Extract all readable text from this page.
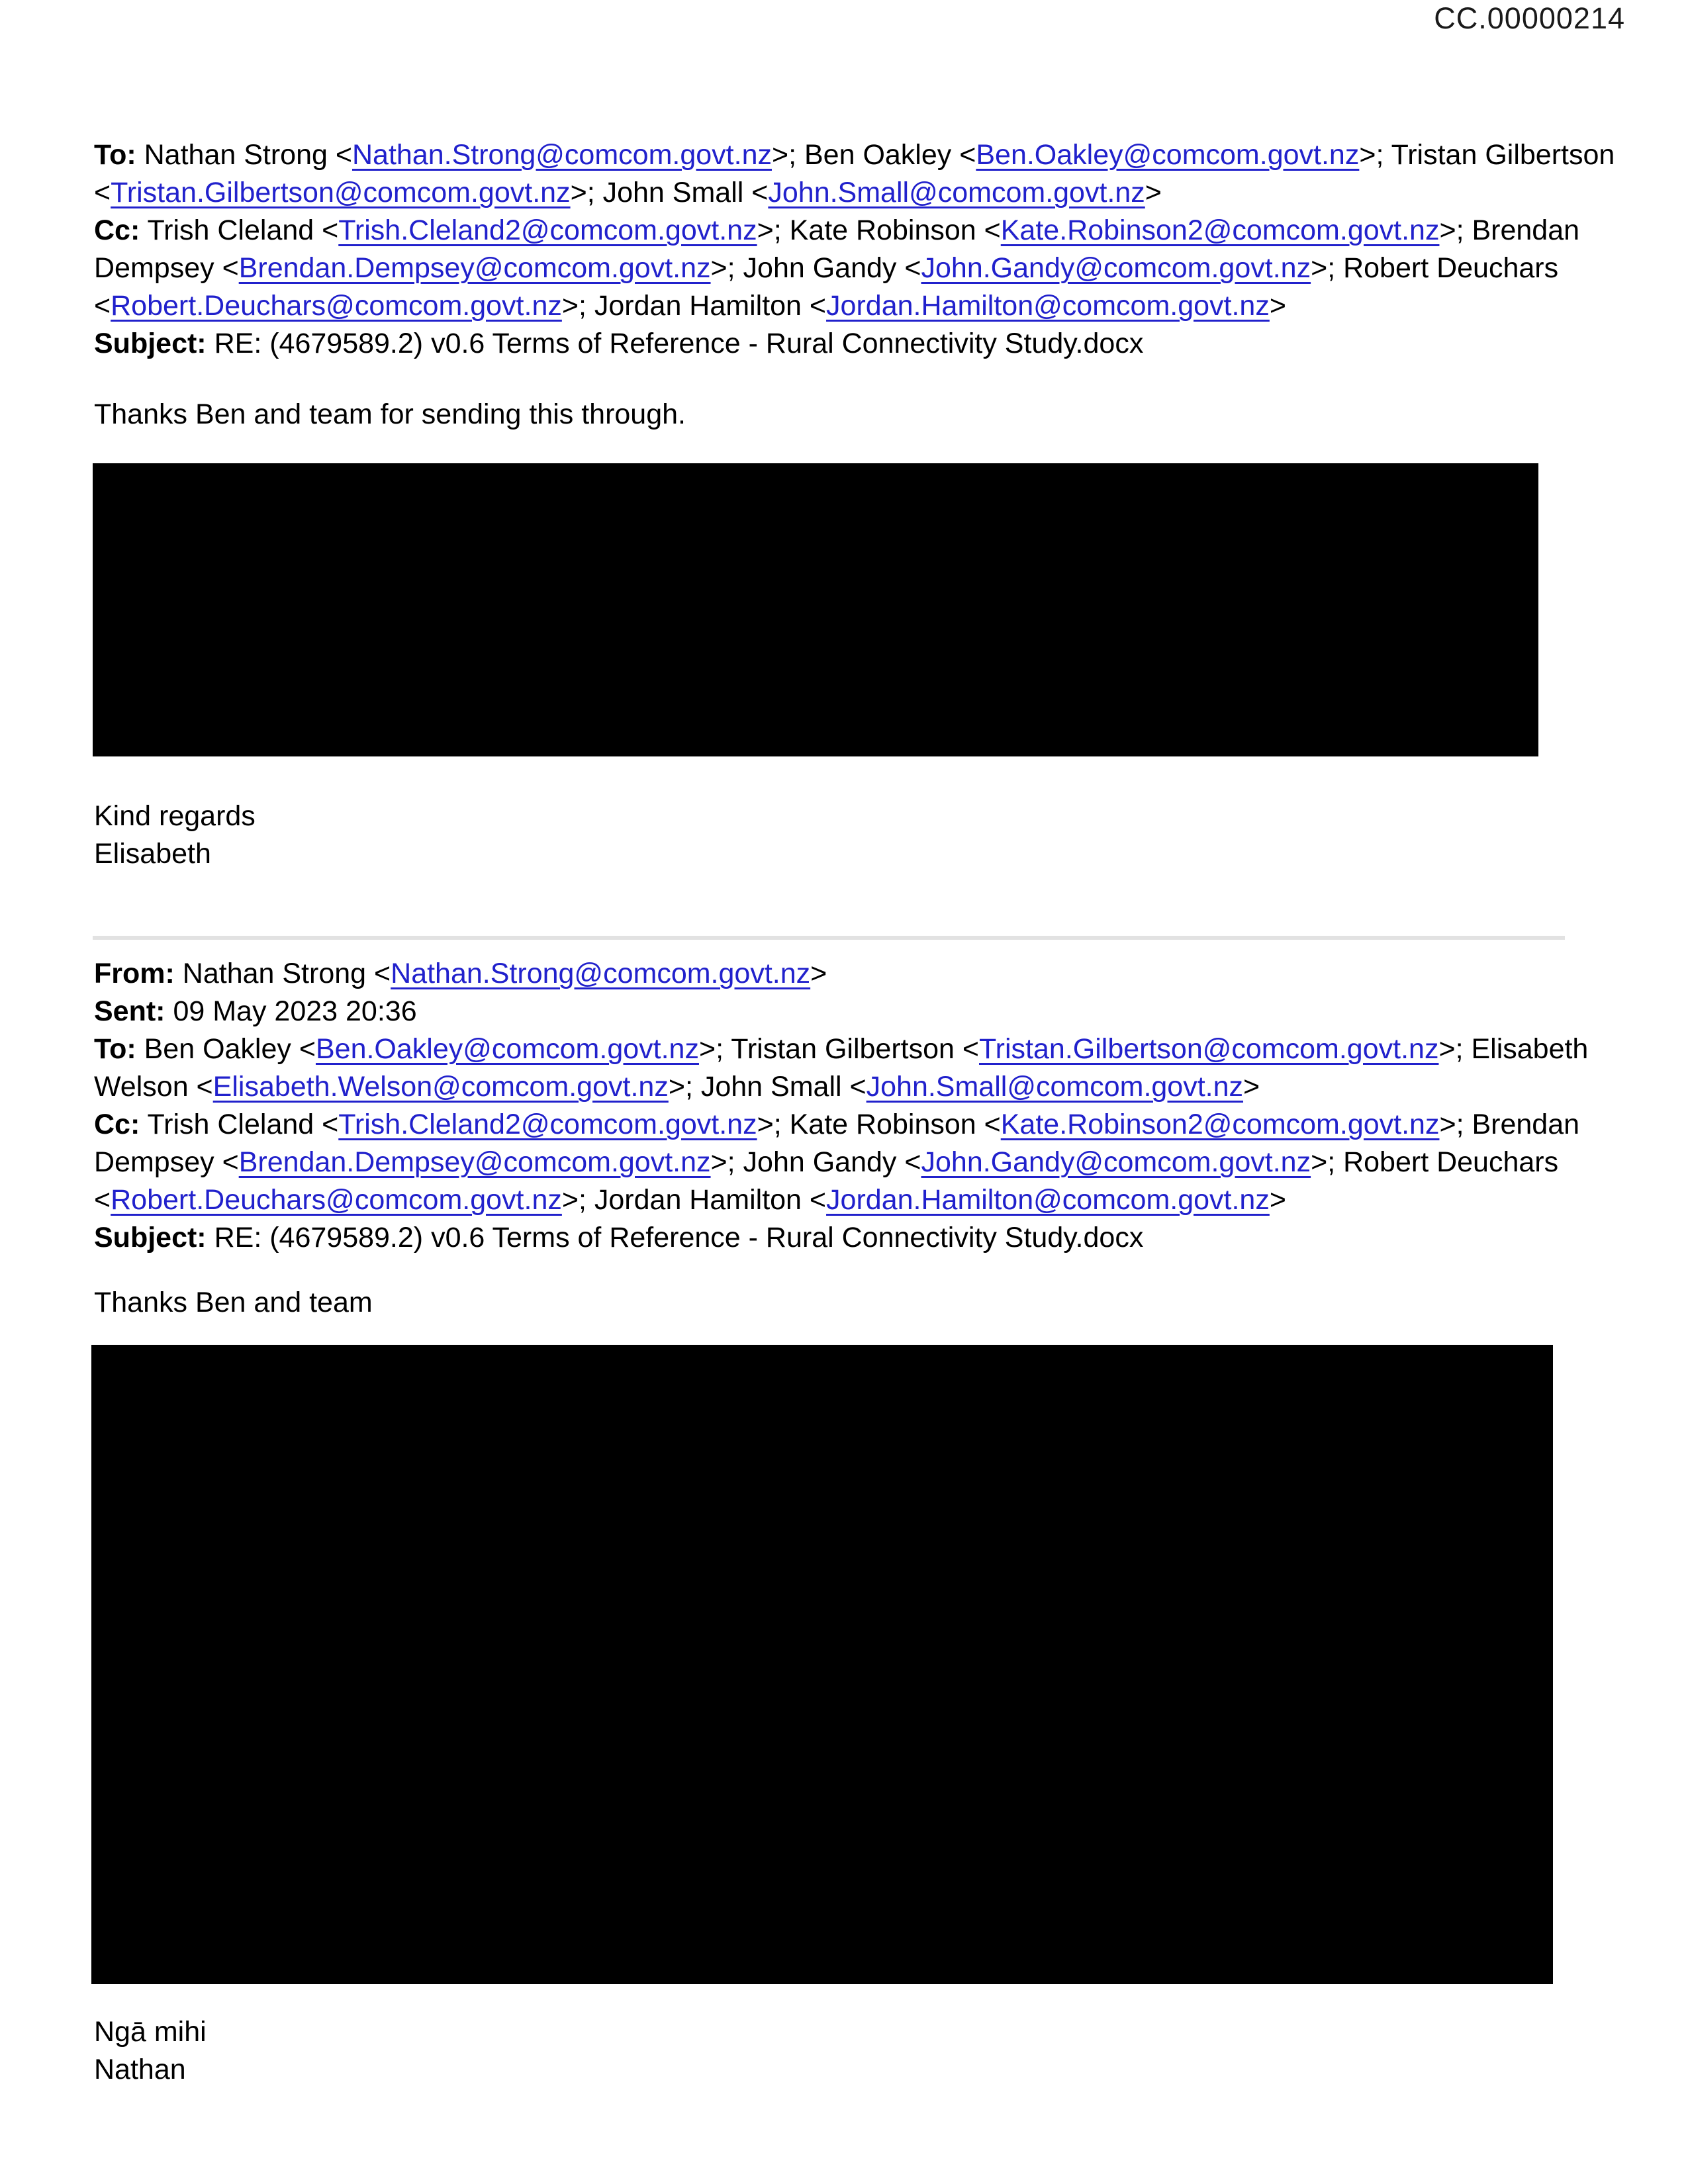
CC.00000214
To: Nathan Strong <Nathan.Strong@comcom.govt.nz>; Ben Oakley <Ben.Oakley@comcom.govt.nz>; Tristan Gilbertson
<Tristan.Gilbertson@comcom.govt.nz>; John Small <John.Small@comcom.govt.nz>
Cc: Trish Cleland <Trish.Cleland2@comcom.govt.nz>; Kate Robinson <Kate.Robinson2@comcom.govt.nz>; Brendan
Dempsey <Brendan.Dempsey@comcom.govt.nz>; John Gandy <John.Gandy@comcom.govt.nz>; Robert Deuchars
<Robert.Deuchars@comcom.govt.nz>; Jordan Hamilton <Jordan.Hamilton@comcom.govt.nz>
Subject: RE: (4679589.2) v0.6 Terms of Reference - Rural Connectivity Study.docx

Thanks Ben and team for sending this through.

Kind regards
Elisabeth
From: Nathan Strong <Nathan.Strong@comcom.govt.nz>
Sent: 09 May 2023 20:36
To: Ben Oakley <Ben.Oakley@comcom.govt.nz>; Tristan Gilbertson <Tristan.Gilbertson@comcom.govt.nz>; Elisabeth
Welson <Elisabeth.Welson@comcom.govt.nz>; John Small <John.Small@comcom.govt.nz>
Cc: Trish Cleland <Trish.Cleland2@comcom.govt.nz>; Kate Robinson <Kate.Robinson2@comcom.govt.nz>; Brendan
Dempsey <Brendan.Dempsey@comcom.govt.nz>; John Gandy <John.Gandy@comcom.govt.nz>; Robert Deuchars
<Robert.Deuchars@comcom.govt.nz>; Jordan Hamilton <Jordan.Hamilton@comcom.govt.nz>
Subject: RE: (4679589.2) v0.6 Terms of Reference - Rural Connectivity Study.docx

Thanks Ben and team

Ngā mihi
Nathan
